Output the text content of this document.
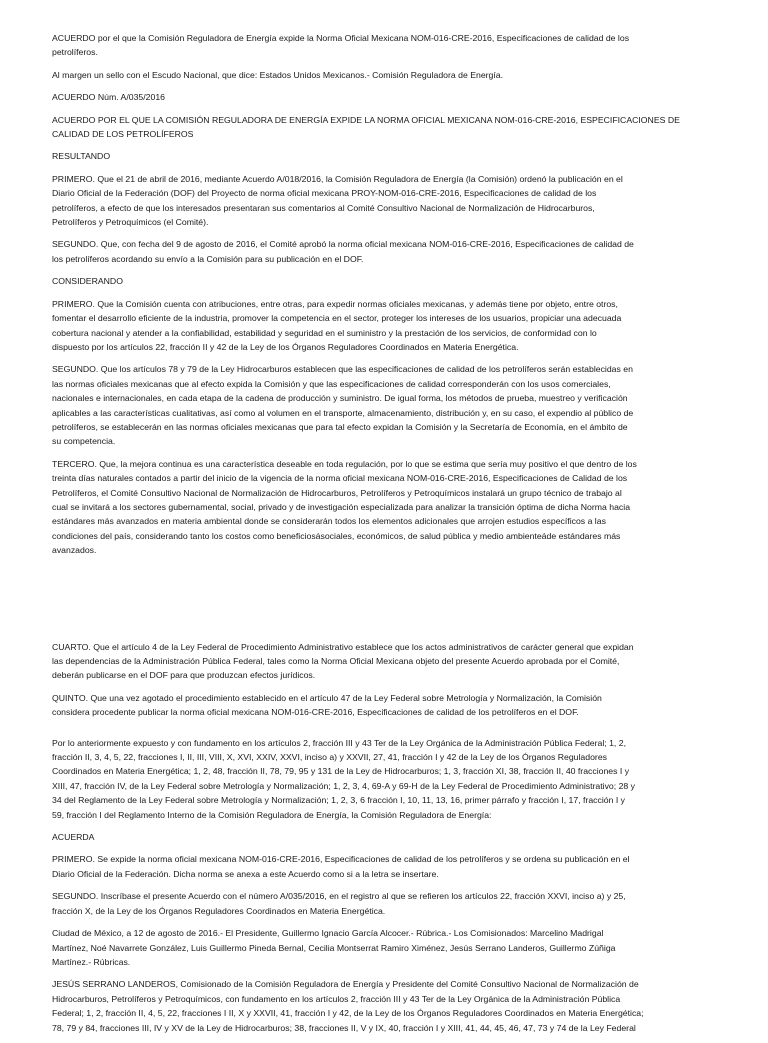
ACUERDO por el que la Comisión Reguladora de Energía expide la Norma Oficial Mexicana NOM-016-CRE-2016, Especificaciones de calidad de los
petrolíferos.

Al margen un sello con el Escudo Nacional, que dice: Estados Unidos Mexicanos.- Comisión Reguladora de Energía.

ACUERDO Núm. A/035/2016

ACUERDO POR EL QUE LA COMISIÓN REGULADORA DE ENERGÍA EXPIDE LA NORMA OFICIAL MEXICANA NOM-016-CRE-2016, ESPECIFICACIONES DE
CALIDAD DE LOS PETROLÍFEROS

RESULTANDO

PRIMERO. Que el 21 de abril de 2016, mediante Acuerdo A/018/2016, la Comisión Reguladora de Energía (la Comisión) ordenó la publicación en el
Diario Oficial de la Federación (DOF) del Proyecto de norma oficial mexicana PROY-NOM-016-CRE-2016, Especificaciones de calidad de los
petrolíferos, a efecto de que los interesados presentaran sus comentarios al Comité Consultivo Nacional de Normalización de Hidrocarburos,
Petrolíferos y Petroquímicos (el Comité).

SEGUNDO. Que, con fecha del 9 de agosto de 2016, el Comité aprobó la norma oficial mexicana NOM-016-CRE-2016, Especificaciones de calidad de
los petrolíferos acordando su envío a la Comisión para su publicación en el DOF.

CONSIDERANDO

PRIMERO. Que la Comisión cuenta con atribuciones, entre otras, para expedir normas oficiales mexicanas, y además tiene por objeto, entre otros,
fomentar el desarrollo eficiente de la industria, promover la competencia en el sector, proteger los intereses de los usuarios, propiciar una adecuada
cobertura nacional y atender a la confiabilidad, estabilidad y seguridad en el suministro y la prestación de los servicios, de conformidad con lo
dispuesto por los artículos 22, fracción II y 42 de la Ley de los Órganos Reguladores Coordinados en Materia Energética.

SEGUNDO. Que los artículos 78 y 79 de la Ley Hidrocarburos establecen que las especificaciones de calidad de los petrolíferos serán establecidas en
las normas oficiales mexicanas que al efecto expida la Comisión y que las especificaciones de calidad corresponderán con los usos comerciales,
nacionales e internacionales, en cada etapa de la cadena de producción y suministro. De igual forma, los métodos de prueba, muestreo y verificación
aplicables a las características cualitativas, así como al volumen en el transporte, almacenamiento, distribución y, en su caso, el expendio al público de
petrolíferos, se establecerán en las normas oficiales mexicanas que para tal efecto expidan la Comisión y la Secretaría de Economía, en el ámbito de
su competencia.

TERCERO. Que, la mejora continua es una característica deseable en toda regulación, por lo que se estima que sería muy positivo el que dentro de los
treinta días naturales contados a partir del inicio de la vigencia de la norma oficial mexicana NOM-016-CRE-2016, Especificaciones de Calidad de los
Petrolíferos, el Comité Consultivo Nacional de Normalización de Hidrocarburos, Petrolíferos y Petroquímicos instalará un grupo técnico de trabajo al
cual se invitará a los sectores gubernamental, social, privado y de investigación especializada para analizar la transición óptima de dicha Norma hacia
estándares más avanzados en materia ambiental donde se considerarán todos los elementos adicionales que arrojen estudios específicos a las
condiciones del país, considerando tanto los costos como beneficiosásociales, económicos, de salud pública y medio ambienteáde estándares más
avanzados.

CUARTO. Que el artículo 4 de la Ley Federal de Procedimiento Administrativo establece que los actos administrativos de carácter general que expidan
las dependencias de la Administración Pública Federal, tales como la Norma Oficial Mexicana objeto del presente Acuerdo aprobada por el Comité,
deberán publicarse en el DOF para que produzcan efectos jurídicos.

QUINTO. Que una vez agotado el procedimiento establecido en el artículo 47 de la Ley Federal sobre Metrología y Normalización, la Comisión
considera procedente publicar la norma oficial mexicana NOM-016-CRE-2016, Especificaciones de calidad de los petrolíferos en el DOF.

Por lo anteriormente expuesto y con fundamento en los artículos 2, fracción III y 43 Ter de la Ley Orgánica de la Administración Pública Federal; 1, 2,
fracción II, 3, 4, 5, 22, fracciones I, II, III, VIII, X, XVI, XXIV, XXVI, inciso a) y XXVII, 27, 41, fracción I y 42 de la Ley de los Órganos Reguladores
Coordinados en Materia Energética; 1, 2, 48, fracción II, 78, 79, 95 y 131 de la Ley de Hidrocarburos; 1, 3, fracción XI, 38, fracción II, 40 fracciones I y
XIII, 47, fracción IV, de la Ley Federal sobre Metrología y Normalización; 1, 2, 3, 4, 69-A y 69-H de la Ley Federal de Procedimiento Administrativo; 28 y
34 del Reglamento de la Ley Federal sobre Metrología y Normalización; 1, 2, 3, 6 fracción I, 10, 11, 13, 16, primer párrafo y fracción I, 17, fracción I y
59, fracción I del Reglamento Interno de la Comisión Reguladora de Energía, la Comisión Reguladora de Energía:

ACUERDA

PRIMERO. Se expide la norma oficial mexicana NOM-016-CRE-2016, Especificaciones de calidad de los petrolíferos y se ordena su publicación en el
Diario Oficial de la Federación. Dicha norma se anexa a este Acuerdo como si a la letra se insertare.

SEGUNDO. Inscríbase el presente Acuerdo con el número A/035/2016, en el registro al que se refieren los artículos 22, fracción XXVI, inciso a) y 25,
fracción X, de la Ley de los Órganos Reguladores Coordinados en Materia Energética.

Ciudad de México, a 12 de agosto de 2016.- El Presidente, Guillermo Ignacio García Alcocer.- Rúbrica.- Los Comisionados: Marcelino Madrigal
Martínez, Noé Navarrete González, Luis Guillermo Pineda Bernal, Cecilia Montserrat Ramiro Ximénez, Jesús Serrano Landeros, Guillermo Zúñiga
Martínez.- Rúbricas.

JESÚS SERRANO LANDEROS, Comisionado de la Comisión Reguladora de Energía y Presidente del Comité Consultivo Nacional de Normalización de
Hidrocarburos, Petrolíferos y Petroquímicos, con fundamento en los artículos 2, fracción III y 43 Ter de la Ley Orgánica de la Administración Pública
Federal; 1, 2, fracción II, 4, 5, 22, fracciones I II, X y XXVII, 41, fracción I y 42, de la Ley de los Órganos Reguladores Coordinados en Materia Energética;
78, 79 y 84, fracciones III, IV y XV de la Ley de Hidrocarburos; 38, fracciones II, V y IX, 40, fracción I y XIII, 41, 44, 45, 46, 47, 73 y 74 de la Ley Federal
